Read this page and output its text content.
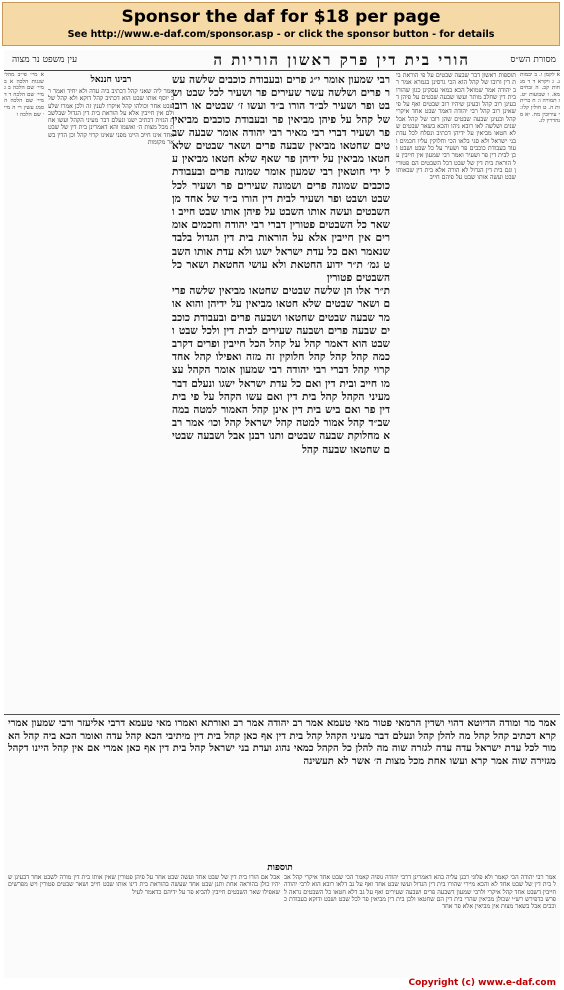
Sponsor the daf for $18 per page
See http://www.e-daf.com/sponsor.asp - or click the sponsor button - for details
מסורת הש״ס
הורי בית דין פרק ראשון הוריות ה
עין משפט נר מצוה
א לקמן ו. ב יבמות נ. ג ויקרא ד ד מנחות קב. ה זבחים מא. ו שבועות יט. ז תמורה ו: ח כריתות ה. ט חולין קלז: י עירובין מח. יא סנהדרין לג.
תוספות ראשון דבר שבעה שבטים על פי הוראת בית דין ורובו של קהל הוא הכי גרסינן בגמרא אמר רב יהודה אמר שמואל הכא במאי עסקינן כגון שהורו בית דין שחלב מותר ועשו שבעה שבטים על פיהן דבעינן רוב קהל ובעינן שיהיו רוב שבטים ואף על פי שאינן רוב קהל רבי יהודה דאמר שבט אחד איקרי קהל ובעינן שבעה שבטים שהן רובו של קהל אבל שנים ושלשה לאו רובא ניהו והכא בשאר שבטים שלא חטאו מביאין על ידיהן דכתיב ונסלח לכל עדת בני ישראל ולא סגי בלאו הכי וחלוקין עליו חכמים ועוד בעבודת כוכבים פר ושעיר על כל שבט ושבט וכן לבית דין פר ושעיר ואמר רבי שמעון אין חייבין על הוראת בית דין של שבט דכל השבטים הם פטורין וגם בית דין הגדול לא הורה אלא בית דין שבאותו שבט ועשה אותו שבט על פיהם חייב
רבי שמעון אומר י״ג פרים ובעבודת כוכבים שלשה עשר פרים ושלשה עשר שעירים פר ושעיר לכל שבט ושבט ופר ושעיר לב״ד הורו ב״ד ועשו ז׳ שבטים או רובו של קהל על פיהן מביאין פר ובעבודת כוכבים מביאין פר ושעיר דברי רבי מאיר רבי יהודה אומר שבעה שבטים שחטאו מביאין שבעה פרים ושאר שבטים שלא חטאו מביאין על ידיהן פר שאף שלא חטאו מביאין על ידי חוטאין רבי שמעון אומר שמונה פרים ובעבודת כוכבים שמונה פרים ושמונה שעירים פר ושעיר לכל שבט ושבט ופר ושעיר לבית דין הורו ב״ד של אחד מן השבטים ועשה אותו השבט על פיהן אותו שבט חייב ושאר כל השבטים פטורין דברי רבי יהודה וחכמים אומרים אין חייבין אלא על הוראות בית דין הגדול בלבד שנאמר ואם כל עדת ישראל ישגו ולא עדת אותו השבט גמ׳ ת״ר ידוע החטאת ולא עושי החטאת ושאר כל השבטים פטורין
ת״ר אלו הן שלשה שבטים שחטאו מביאין שלשה פרים ושאר שבטים שלא חטאו מביאין על ידיהן והוא אומר שבעה שבטים שחטאו ושבעה פרים ובעבודת כוכבים שבעה פרים ושבעה שעירים לבית דין ולכל שבט ושבט הוא דאמר קהל על קהל הכל חייבין ופרים דקרב כמה קהל קהל קהל חלוקין זה מזה ואפילו קהל אחד קרוי קהל דברי רבי יהודה רבי שמעון אומר הקהל עצמו חייב ובית דין ואם כל עדת ישראל ישגו ונעלם דבר מעיני הקהל קהל בית דין ואם עשו הקהל על פי בית דין פר ואם ביש בית דין אינן קהל האמור למטה במה שב״ד קהל אמור למטה קהל ישראל קהל וכו׳ אמר רבא מחלוקת שבעה שבטים ותנו רבנן אבל ושבעה שבטים שחטאו שבעה קהל
רבינו חננאל
אמר ליה שאני קהל דכתיב ביה עדה ולא יחיד ואמר רב יוסף אותו שבט הוא דכתיב קהל דוקא ולא קהל של שבט אחר וכולהו קהל איקרו לענין זה ולכן אמרו שלעולם אין חייבין אלא על הוראת בית דין הגדול שבלשכת הגזית דכתיב ישגו ונעלם דבר מעיני הקהל ועשו אחת מכל מצות ה׳ ואשמו והא דאמרינן בית דין של שבט אחד אינו חייב היינו מפני שאינו קרוי קהל וכן הדין בשאר מקומות
א מיי׳ פי״ב מהל׳ שגגות הלכה א ב מיי׳ שם הלכה ב ג מיי׳ שם הלכה ד ד מיי׳ שם הלכה ה סמג עשין רי ה מיי׳ שם הלכה ו
אמר מר ומודה הדיוטא דהוי ושדין הרמאי פטור מאי טעמא אמר רב יהודה אמר רב ואורתא ואמרו מאי טעמא דרבי אליעזר ורבי שמעון אמרי קרא דכתיב קהל קהל מה להלן קהל ונעלם דבר מעיני הקהל קהל בית דין אף כאן קהל בית דין מיתיבי הכא קהל עדה ואומר הכא ביה קהל האמור לכל עדת ישראל עדה עדה לגזרה שוה מה להלן כל הקהל כמאי נהוג ועדת בני ישראל קהל בית דין אף כאן אמרי אם אין קהל היינו דקהל מגזירה שוה אמר קרא ועשו אחת מכל מצות ה׳ אשר לא תעשינה
תוספות
אמר רבי יהודה הכי קאמר ולא פלוגי רבנן עליה בהא דאמרינן דרבי יהודה גופיה קאמר הכי שבט אחד איקרי קהל אבל בית דין של שבט אחד לא והכא מיירי שהורו בית דין הגדול ועשו שבט אחד ואף על גב דלאו רובא הוא לרבי יהודה חייבין דשבט אחד קהל איקרי ולרבי שמעון דשבעה פרים ושבעה שעירים ואף על גב דלא חטאו כל השבטים נראה לפרש כדפירש רש״י שכולן מביאין שהרי בית דין הם שחטאו ולכן בית דין מביאין פר לכל שבט ושבט ודוקא בעבודת כוכבים אבל בשאר מצות אין מביאין אלא פר אחד
אבל אם הורו בית דין של שבט אחד ועשה שבט אחר על פיהן פטורין שאין אותו בית דין מורה לשבט אחר דבעינן שיהיו כולן בהוראה אחת ותנן שבט אחד שעשה בהוראת בית דינו אותו שבט חייב ושאר שבטים פטורין ויש מפרשים שאפילו שאר השבטים חייבין להביא פר על ידיהם כדאמר לעיל
Copyright (c) www.e-daf.com
